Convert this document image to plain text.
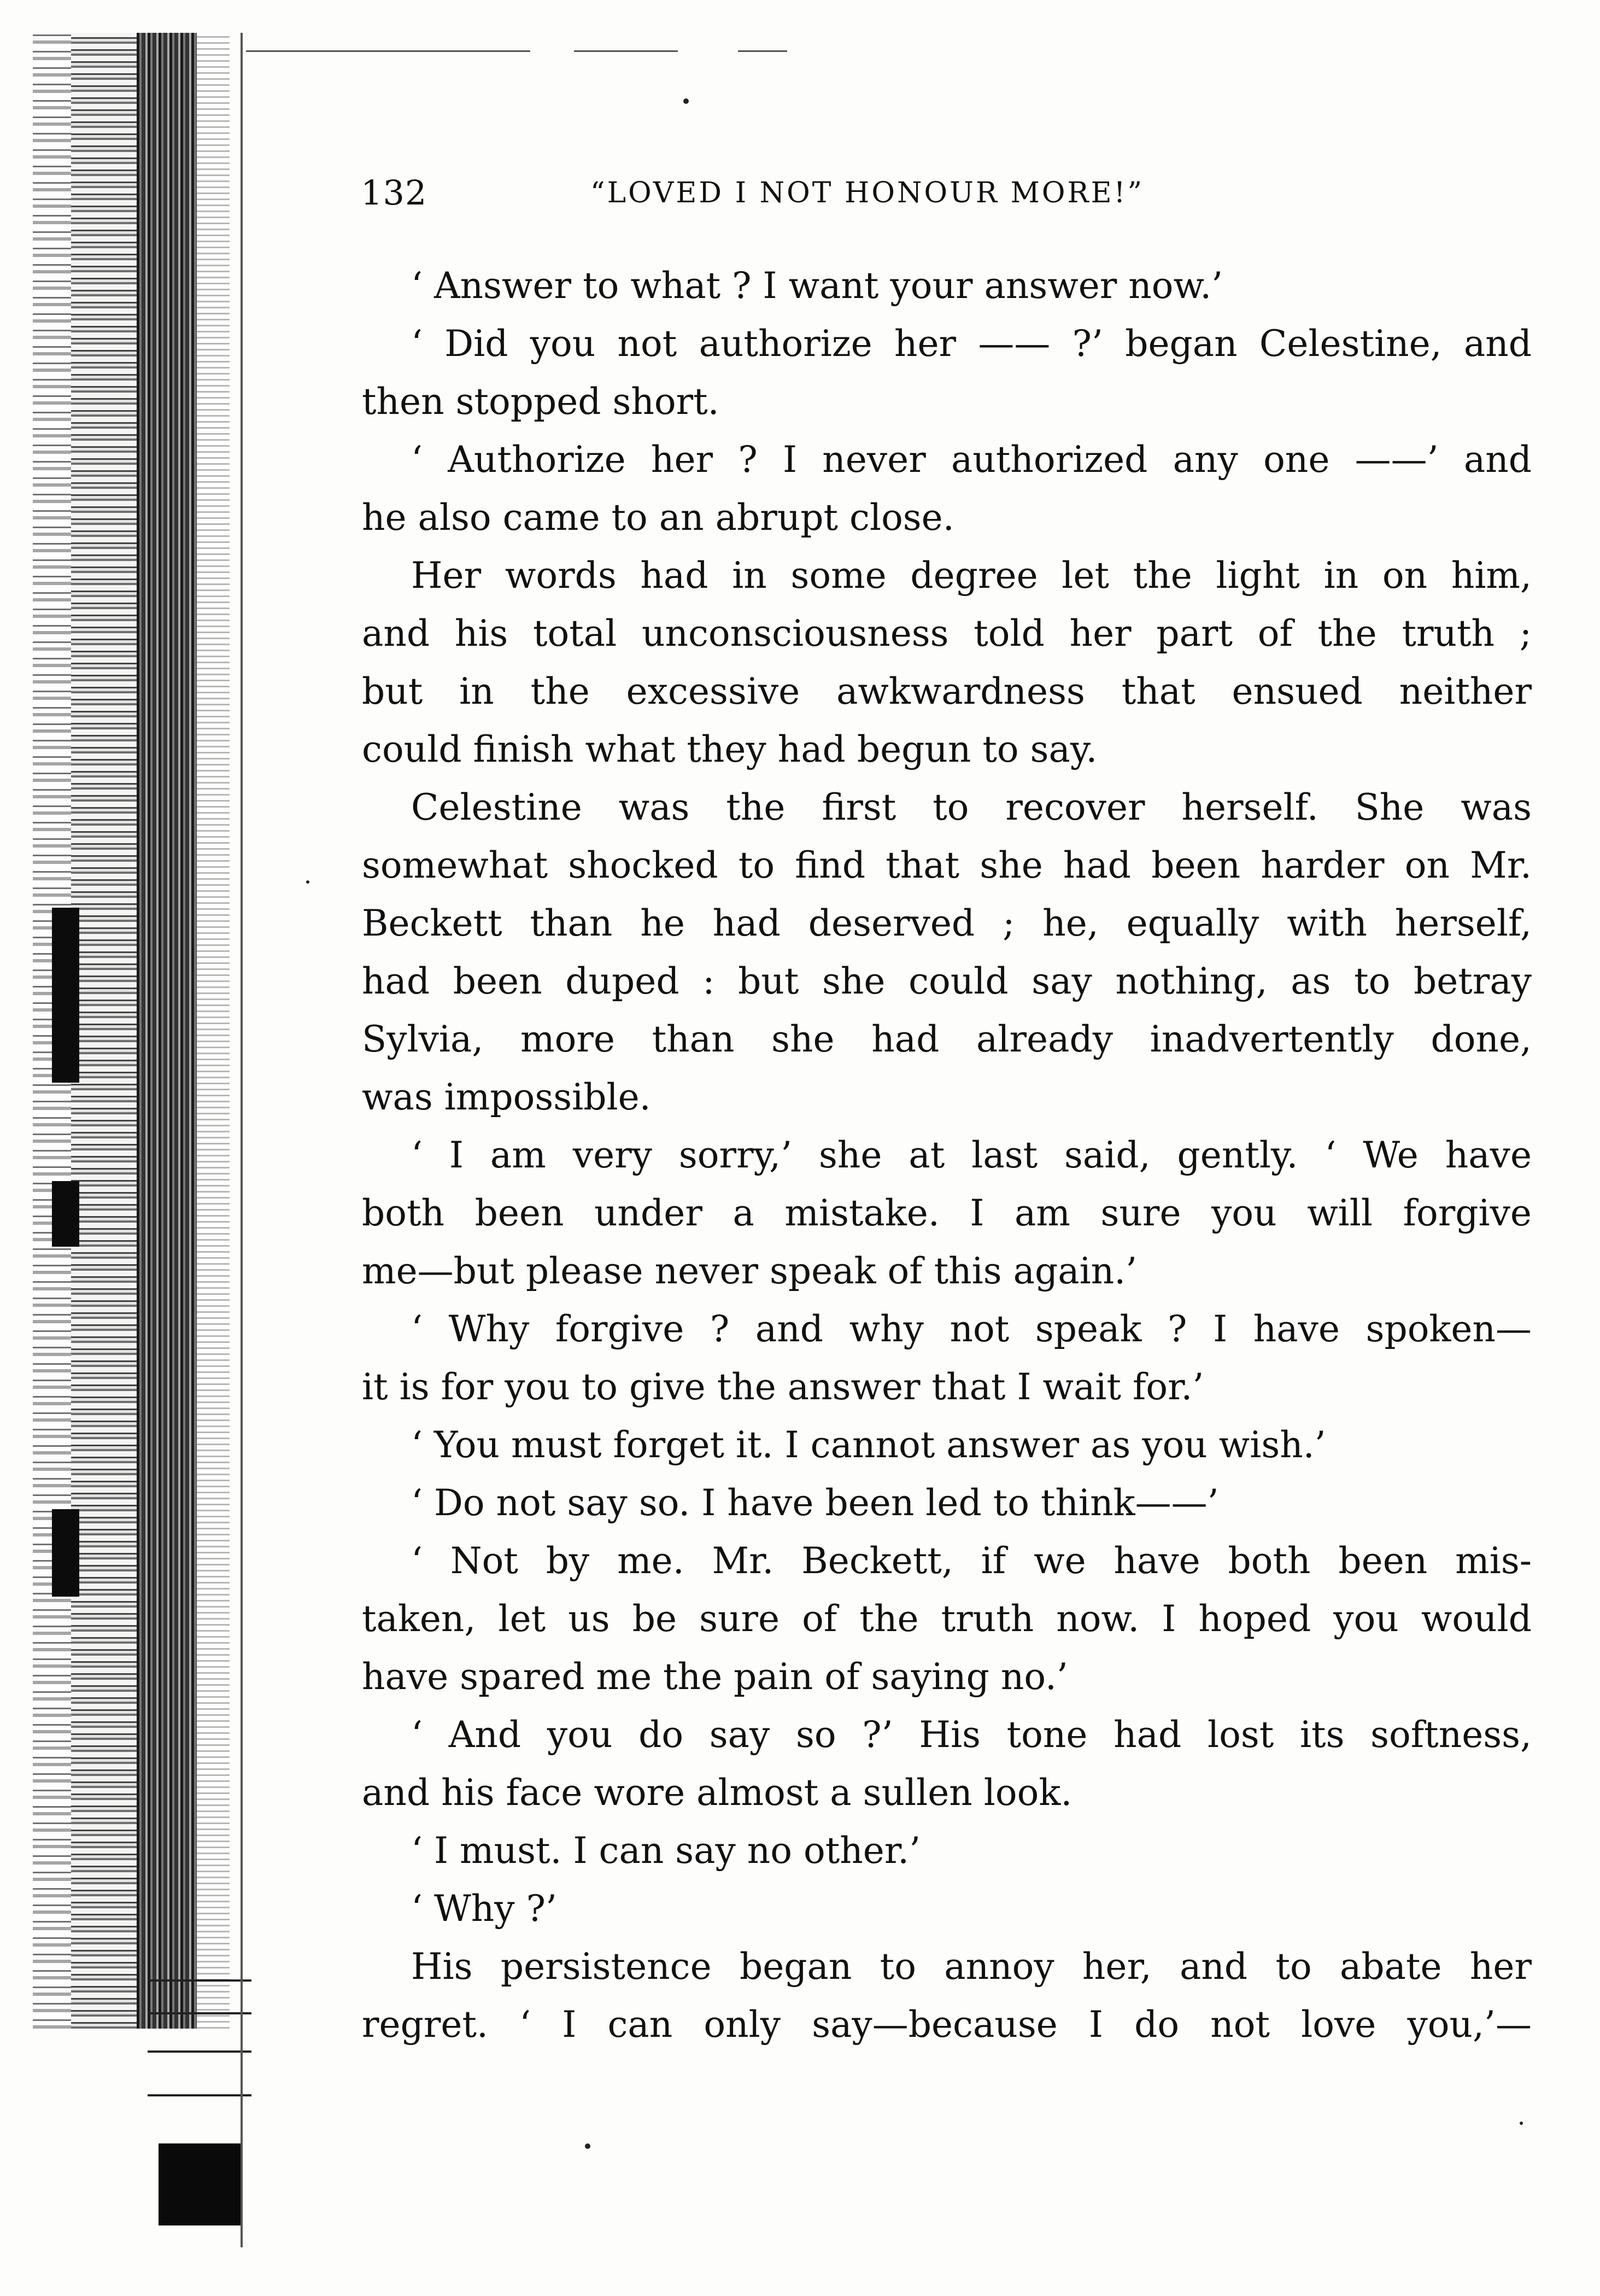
132	“LOVED I NOT HONOUR MORE!”
‘ Answer to what ? I want your answer now.’
‘ Did you not authorize her —— ?’ began Celestine, and
then stopped short.
‘ Authorize her ? I never authorized any one ——’ and
he also came to an abrupt close.
Her words had in some degree let the light in on him,
and his total unconsciousness told her part of the truth ;
but in the excessive awkwardness that ensued neither
could finish what they had begun to say.
Celestine was the first to recover herself. She was
somewhat shocked to find that she had been harder on Mr.
Beckett than he had deserved ; he, equally with herself,
had been duped : but she could say nothing, as to betray
Sylvia, more than she had already inadvertently done,
was impossible.
‘ I am very sorry,’ she at last said, gently. ‘ We have
both been under a mistake. I am sure you will forgive
me—but please never speak of this again.’
‘ Why forgive ? and why not speak ? I have spoken—
it is for you to give the answer that I wait for.’
‘ You must forget it. I cannot answer as you wish.’
‘ Do not say so. I have been led to think——’
‘ Not by me. Mr. Beckett, if we have both been mis-
taken, let us be sure of the truth now. I hoped you would
have spared me the pain of saying no.’
‘ And you do say so ?’ His tone had lost its softness,
and his face wore almost a sullen look.
‘ I must. I can say no other.’
‘ Why ?’
His persistence began to annoy her, and to abate her
regret. ‘ I can only say—because I do not love you,’—
